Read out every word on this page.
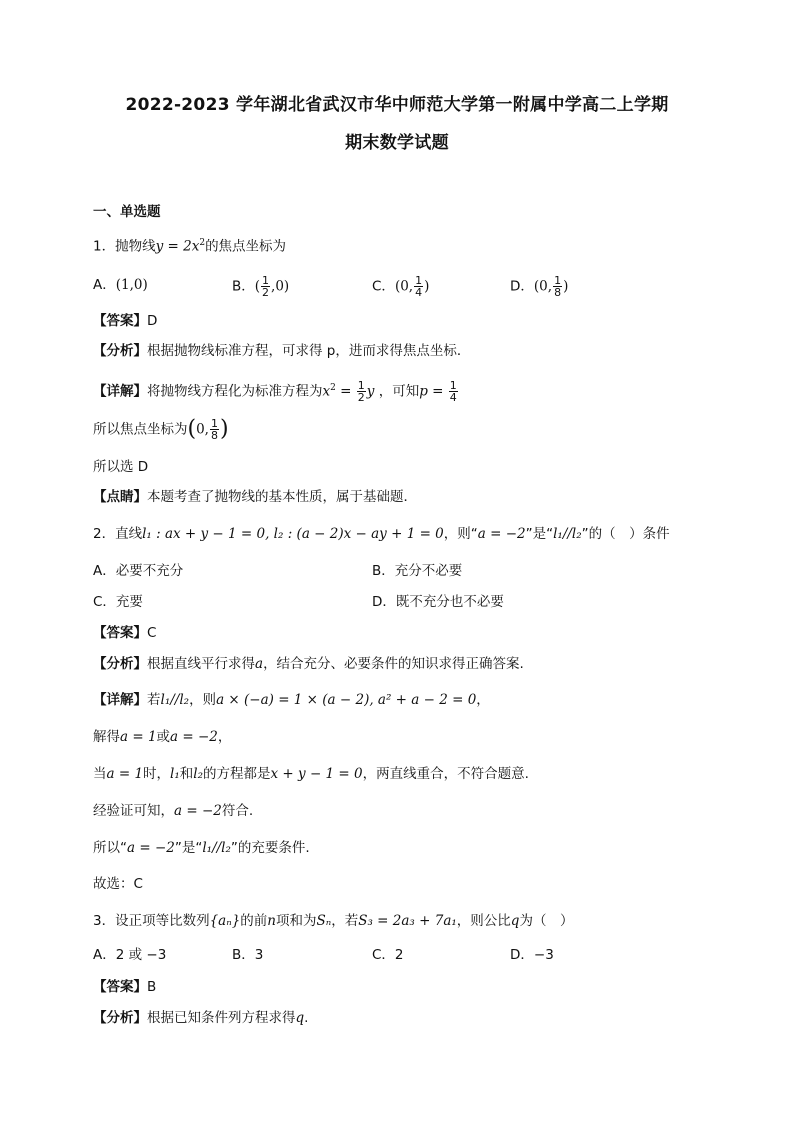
2022-2023 学年湖北省武汉市华中师范大学第一附属中学高二上学期
期末数学试题
一、单选题
1．抛物线$y = 2x^2$的焦点坐标为
A．(1,0)	B．( $\frac{1}{2} ,0$)	C．(0, $\frac{1}{4}$ )	D．(0, $\frac{1}{8}$ )
【答案】D
【分析】根据抛物线标准方程，可求得 p，进而求得焦点坐标．
【详解】将抛物线方程化为标准方程为$x^2 = \frac{1}{2}$ y ，可知$p = \frac{1}{4}$
所以焦点坐标为(0, $\frac{1}{8}$ )
所以选 D
【点睛】本题考查了抛物线的基本性质，属于基础题．
2．直线l₁ : ax + y − 1 = 0, l₂ : (a − 2)x − ay + 1 = 0，则“a = −2”是“l₁//l₂”的（　）条件
A．必要不充分	B．充分不必要
C．充要	D．既不充分也不必要
【答案】C
【分析】根据直线平行求得a，结合充分、必要条件的知识求得正确答案.
【详解】若l₁//l₂，则a × (−a) = 1 × (a − 2), a² + a − 2 = 0，
解得a = 1或a = −2，
当a = 1时，l₁和l₂的方程都是x + y − 1 = 0，两直线重合，不符合题意.
经验证可知，a = −2符合.
所以“a = −2”是“l₁//l₂”的充要条件.
故选：C
3．设正项等比数列{aₙ}的前n项和为Sₙ，若S₃ = 2a₃ + 7a₁，则公比q为（　）
A．2 或 −3	B．3	C．2	D．−3
【答案】B
【分析】根据已知条件列方程求得q.
